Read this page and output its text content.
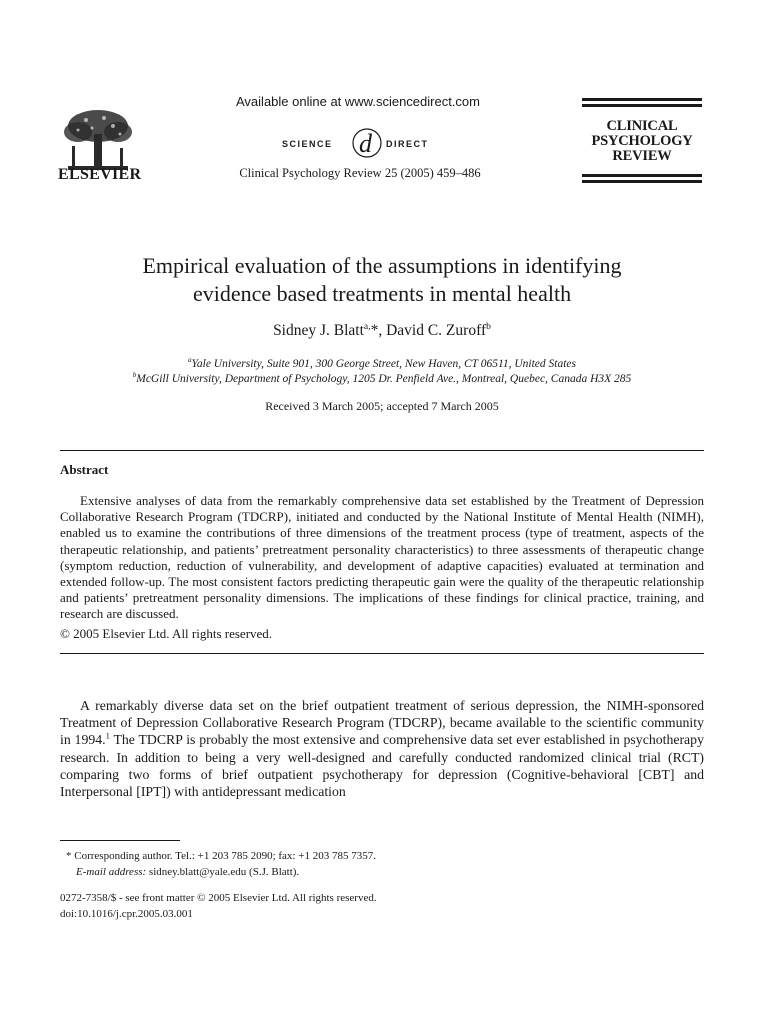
ELSEVIER
Available online at www.sciencedirect.com
SCIENCE d DIRECT
Clinical Psychology Review 25 (2005) 459–486
CLINICAL
PSYCHOLOGY
REVIEW
Empirical evaluation of the assumptions in identifying
evidence based treatments in mental health
Sidney J. Blatt$^{a,}$*, David C. Zuroff$^b$
$^a$Yale University, Suite 901, 300 George Street, New Haven, CT 06511, United States
$^b$McGill University, Department of Psychology, 1205 Dr. Penfield Ave., Montreal, Quebec, Canada H3X 285
Received 3 March 2005; accepted 7 March 2005
Abstract

Extensive analyses of data from the remarkably comprehensive data set established by the Treatment of Depression Collaborative Research Program (TDCRP), initiated and conducted by the National Institute of Mental Health (NIMH), enabled us to examine the contributions of three dimensions of the treatment process (type of treatment, aspects of the therapeutic relationship, and patients’ pretreatment personality characteristics) to three assessments of therapeutic change (symptom reduction, reduction of vulnerability, and development of adaptive capacities) evaluated at termination and extended follow-up. The most consistent factors predicting therapeutic gain were the quality of the therapeutic relationship and patients’ pretreatment personality dimensions. The implications of these findings for clinical practice, training, and research are discussed.

© 2005 Elsevier Ltd. All rights reserved.

A remarkably diverse data set on the brief outpatient treatment of serious depression, the NIMH-sponsored Treatment of Depression Collaborative Research Program (TDCRP), became available to the scientific community in 1994.$^1$ The TDCRP is probably the most extensive and comprehensive data set ever established in psychotherapy research. In addition to being a very well-designed and carefully conducted randomized clinical trial (RCT) comparing two forms of brief outpatient psychotherapy for depression (Cognitive-behavioral [CBT] and Interpersonal [IPT]) with antidepressant medication

* Corresponding author. Tel.: +1 203 785 2090; fax: +1 203 785 7357.
E-mail address: sidney.blatt@yale.edu (S.J. Blatt).
0272-7358/$ - see front matter © 2005 Elsevier Ltd. All rights reserved.
doi:10.1016/j.cpr.2005.03.001
